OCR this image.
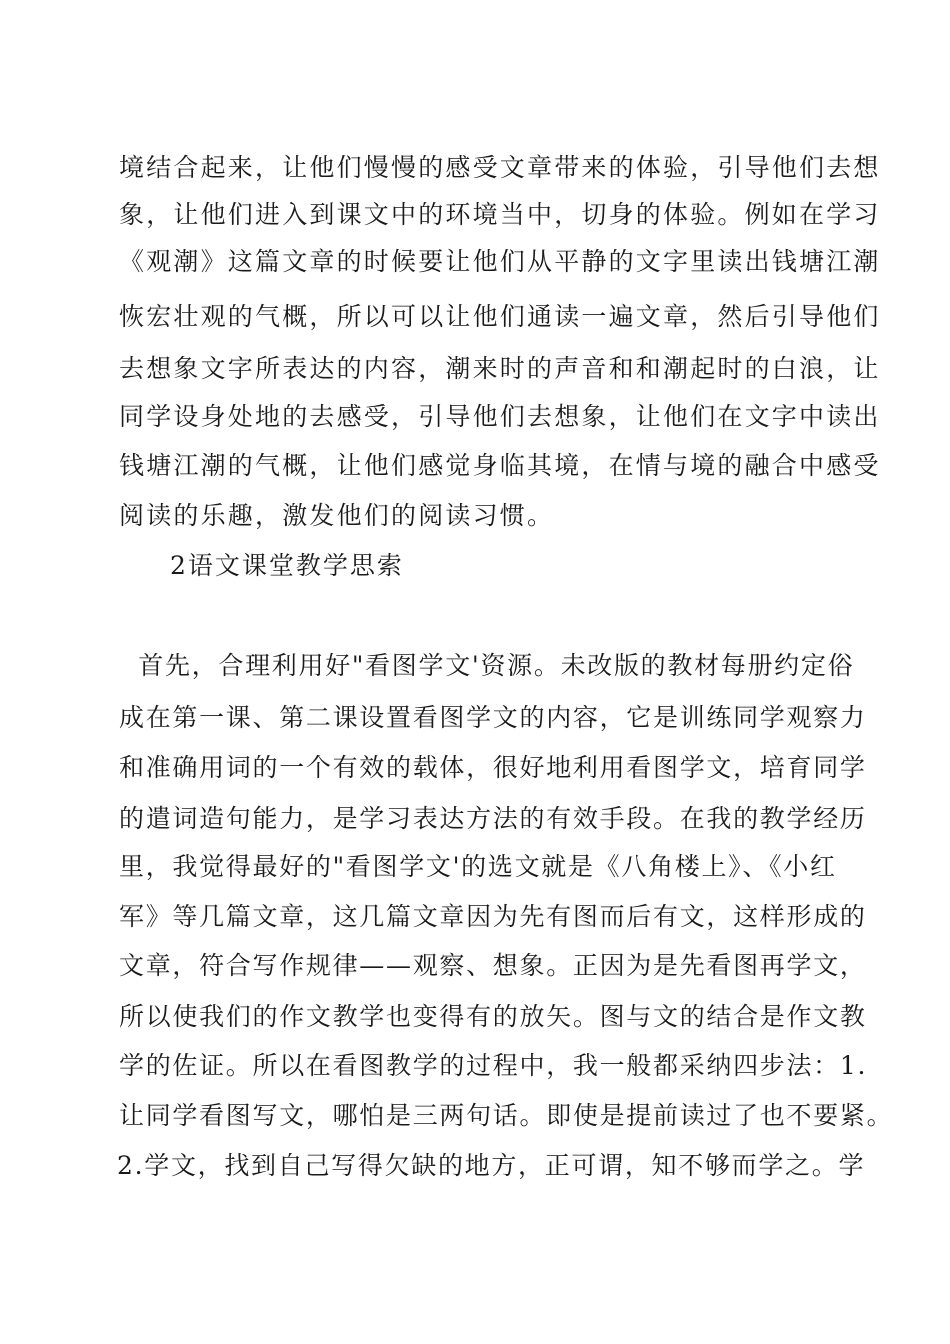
境结合起来，让他们慢慢的感受文章带来的体验，引导他们去想
象，让他们进入到课文中的环境当中，切身的体验。例如在学习
《观潮》这篇文章的时候要让他们从平静的文字里读出钱塘江潮
恢宏壮观的气概，所以可以让他们通读一遍文章，然后引导他们
去想象文字所表达的内容，潮来时的声音和和潮起时的白浪，让
同学设身处地的去感受，引导他们去想象，让他们在文字中读出
钱塘江潮的气概，让他们感觉身临其境，在情与境的融合中感受
阅读的乐趣，激发他们的阅读习惯。
2语文课堂教学思索
首先，合理利用好"看图学文'资源。未改版的教材每册约定俗
成在第一课、第二课设置看图学文的内容，它是训练同学观察力
和准确用词的一个有效的载体，很好地利用看图学文，培育同学
的遣词造句能力，是学习表达方法的有效手段。在我的教学经历
里，我觉得最好的"看图学文'的选文就是《八角楼上》、《小红
军》等几篇文章，这几篇文章因为先有图而后有文，这样形成的
文章，符合写作规律——观察、想象。正因为是先看图再学文，
所以使我们的作文教学也变得有的放矢。图与文的结合是作文教
学的佐证。所以在看图教学的过程中，我一般都采纳四步法：1.
让同学看图写文，哪怕是三两句话。即使是提前读过了也不要紧。
2.学文，找到自己写得欠缺的地方，正可谓，知不够而学之。学
